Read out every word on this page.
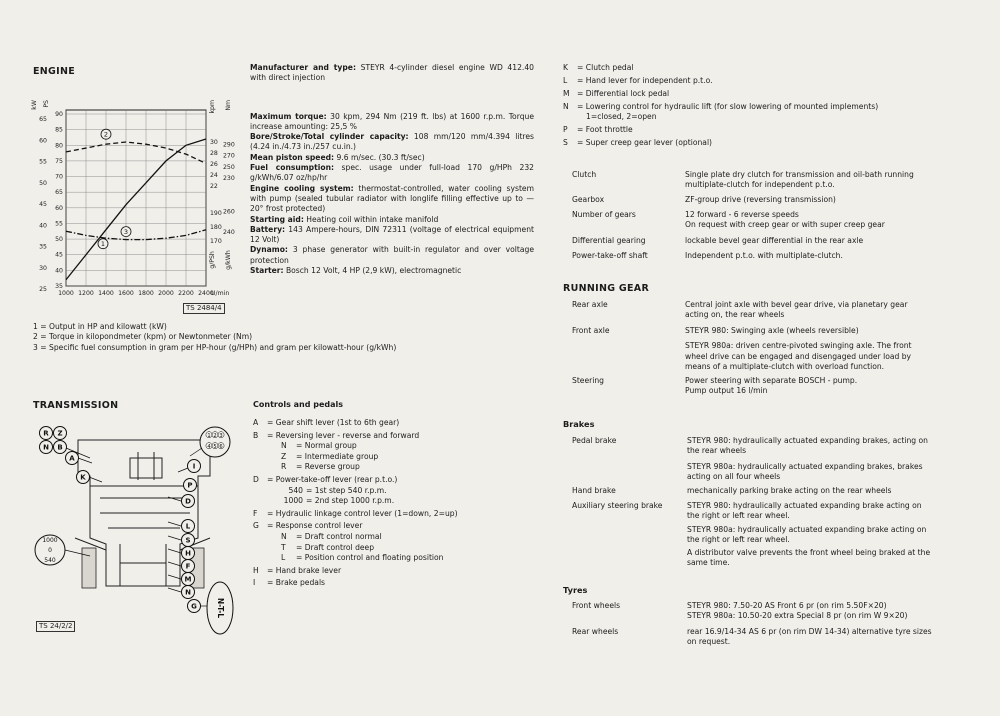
ENGINE
1000 1200 1400 1600 1800 2000 2200 2400
U/min
90
85
80
75
70
65
60
55
50
45
40
35
65
60
55
50
45
40
35
30
25
kW PS
30
28
26
24
22
290
270
250
230
190
180
170
260
240
kpm Nm
g/PSh g/kWh
1
2
3
TS 2484/4
Manufacturer and type: STEYR 4-cylinder diesel engine WD 412.40 with direct injection
Maximum torque: 30 kpm, 294 Nm (219 ft. lbs) at 1600 r.p.m. Torque increase amounting: 25,5 %
Bore/Stroke/Total cylinder capacity: 108 mm/120 mm/4.394 litres (4.24 in./4.73 in./257 cu.in.)
Mean piston speed: 9.6 m/sec. (30.3 ft/sec)
Fuel consumption: spec. usage under full-load 170 g/HPh 232 g/kWh/6.07 oz/hp/hr
Engine cooling system: thermostat-controlled, water cooling system with pump (sealed tubular radiator with longlife filling effective up to —20° frost protected)
Starting aid: Heating coil within intake manifold
Battery: 143 Ampere-hours, DIN 72311 (voltage of electrical equipment 12 Volt)
Dynamo: 3 phase generator with built-in regulator and over voltage protection
Starter: Bosch 12 Volt, 4 HP (2,9 kW), electromagnetic
1 = Output in HP and kilowatt (kW)
2 = Torque in kilopondmeter (kpm) or Newtonmeter (Nm)
3 = Specific fuel consumption in gram per HP-hour (g/HPh) and gram per kilowatt-hour (g/kWh)
TRANSMISSION
R Z
N B
A
K
1 2 3
4 5 6
I
P
D
L
S
H
F
M
N
1000
0
540
N-T-L
G
TS 24/2/2
Controls and pedals
A = Gear shift lever (1st to 6th gear)
B = Reversing lever - reverse and forward
N = Normal group
Z = Intermediate group
R = Reverse group
D = Power-take-off lever (rear p.t.o.)
540 = 1st step 540 r.p.m.
1000 = 2nd step 1000 r.p.m.
F = Hydraulic linkage control lever (1=down, 2=up)
G = Response control lever
N = Draft control normal
T = Draft control deep
L = Position control and floating position
H = Hand brake lever
I = Brake pedals
K = Clutch pedal
L = Hand lever for independent p.t.o.
M = Differential lock pedal
N = Lowering control for hydraulic lift (for slow lowering of mounted implements)
1=closed, 2=open
P = Foot throttle
S = Super creep gear lever (optional)
Clutch	Single plate dry clutch for transmission and oil-bath running
multiplate-clutch for independent p.t.o.
Gearbox	ZF-group drive (reversing transmission)
Number of gears	12 forward - 6 reverse speeds
On request with creep gear or with super creep gear
Differential gearing	lockable bevel gear differential in the rear axle
Power-take-off shaft	Independent p.t.o. with multiplate-clutch.
RUNNING GEAR
Rear axle	Central joint axle with bevel gear drive, via planetary gear
acting on, the rear wheels
Front axle	STEYR 980: Swinging axle (wheels reversible)
STEYR 980a: driven centre-pivoted swinging axle. The front
wheel drive can be engaged and disengaged under load by
means of a multiplate-clutch with overload function.
Steering	Power steering with separate BOSCH - pump.
Pump output 16 l/min
Brakes
Pedal brake	STEYR 980: hydraulically actuated expanding brakes, acting on
the rear wheels
STEYR 980a: hydraulically actuated expanding brakes, brakes
acting on all four wheels
Hand brake	mechanically parking brake acting on the rear wheels
Auxiliary steering brake	STEYR 980: hydraulically actuated expanding brake acting on
the right or left rear wheel.
STEYR 980a: hydraulically actuated expanding brake acting on
the right or left rear wheel.
A distributor valve prevents the front wheel being braked at the
same time.
Tyres
Front wheels	STEYR 980: 7.50-20 AS Front 6 pr (on rim 5.50F×20)
STEYR 980a: 10.50-20 extra Special 8 pr (on rim W 9×20)
Rear wheels	rear 16.9/14-34 AS 6 pr (on rim DW 14-34) alternative tyre sizes
on request.
